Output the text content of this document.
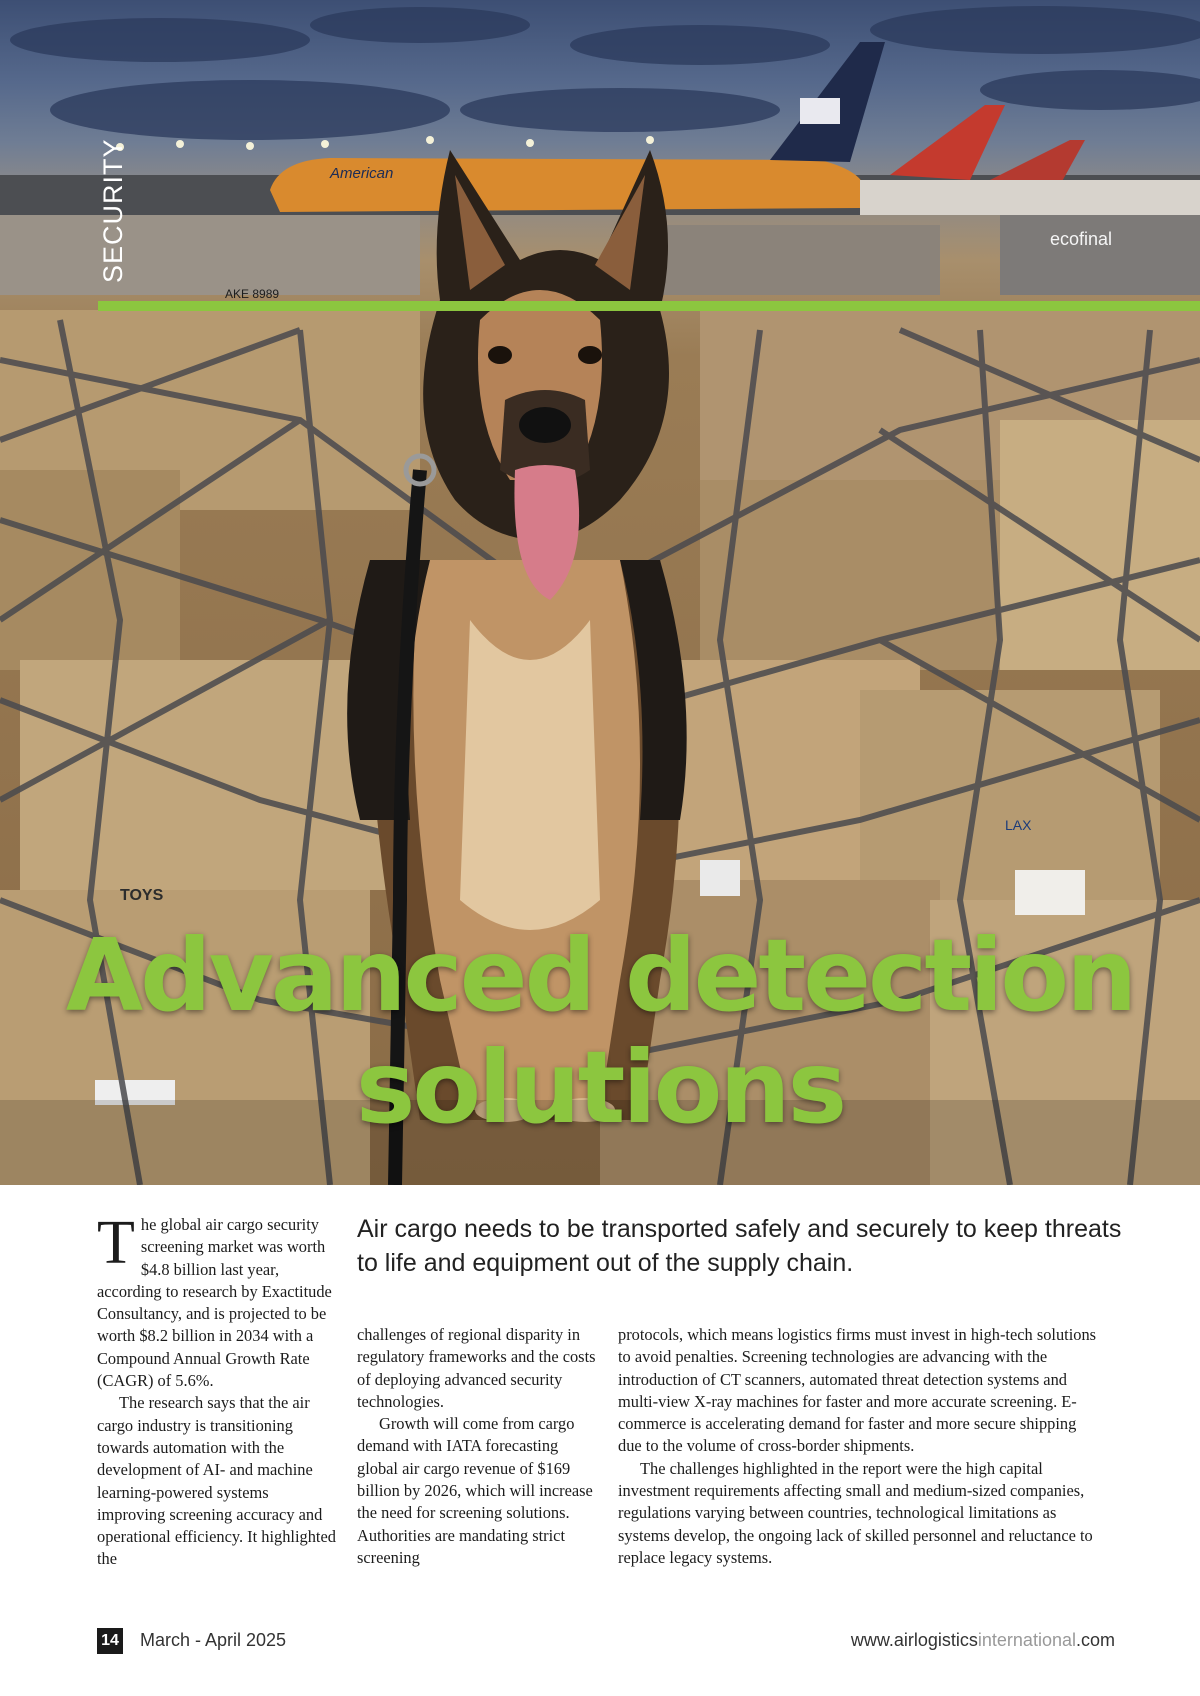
American
AKE 8989
ecofinal
TOYS
LAX
SECURITY
Advanced detection
solutions
Air cargo needs to be transported safely and securely to keep threats to life and equipment out of the supply chain.

The global air cargo security screening market was worth $4.8 billion last year, according to research by Exactitude Consultancy, and is projected to be worth $8.2 billion in 2034 with a Compound Annual Growth Rate (CAGR) of 5.6%.

The research says that the air cargo industry is transitioning towards automation with the development of AI- and machine learning-powered systems improving screening accuracy and operational efficiency. It highlighted the

challenges of regional disparity in regulatory frameworks and the costs of deploying advanced security technologies.

Growth will come from cargo demand with IATA forecasting global air cargo revenue of $169 billion by 2026, which will increase the need for screening solutions. Authorities are mandating strict screening

protocols, which means logistics firms must invest in high-tech solutions to avoid penalties. Screening technologies are advancing with the introduction of CT scanners, automated threat detection systems and multi-view X-ray machines for faster and more accurate screening. E-commerce is accelerating demand for faster and more secure shipping due to the volume of cross-border shipments.

The challenges highlighted in the report were the high capital investment requirements affecting small and medium-sized companies, regulations varying between countries, technological limitations as systems develop, the ongoing lack of skilled personnel and reluctance to replace legacy systems.

14 March - April 2025	www.airlogisticsinternational.com
